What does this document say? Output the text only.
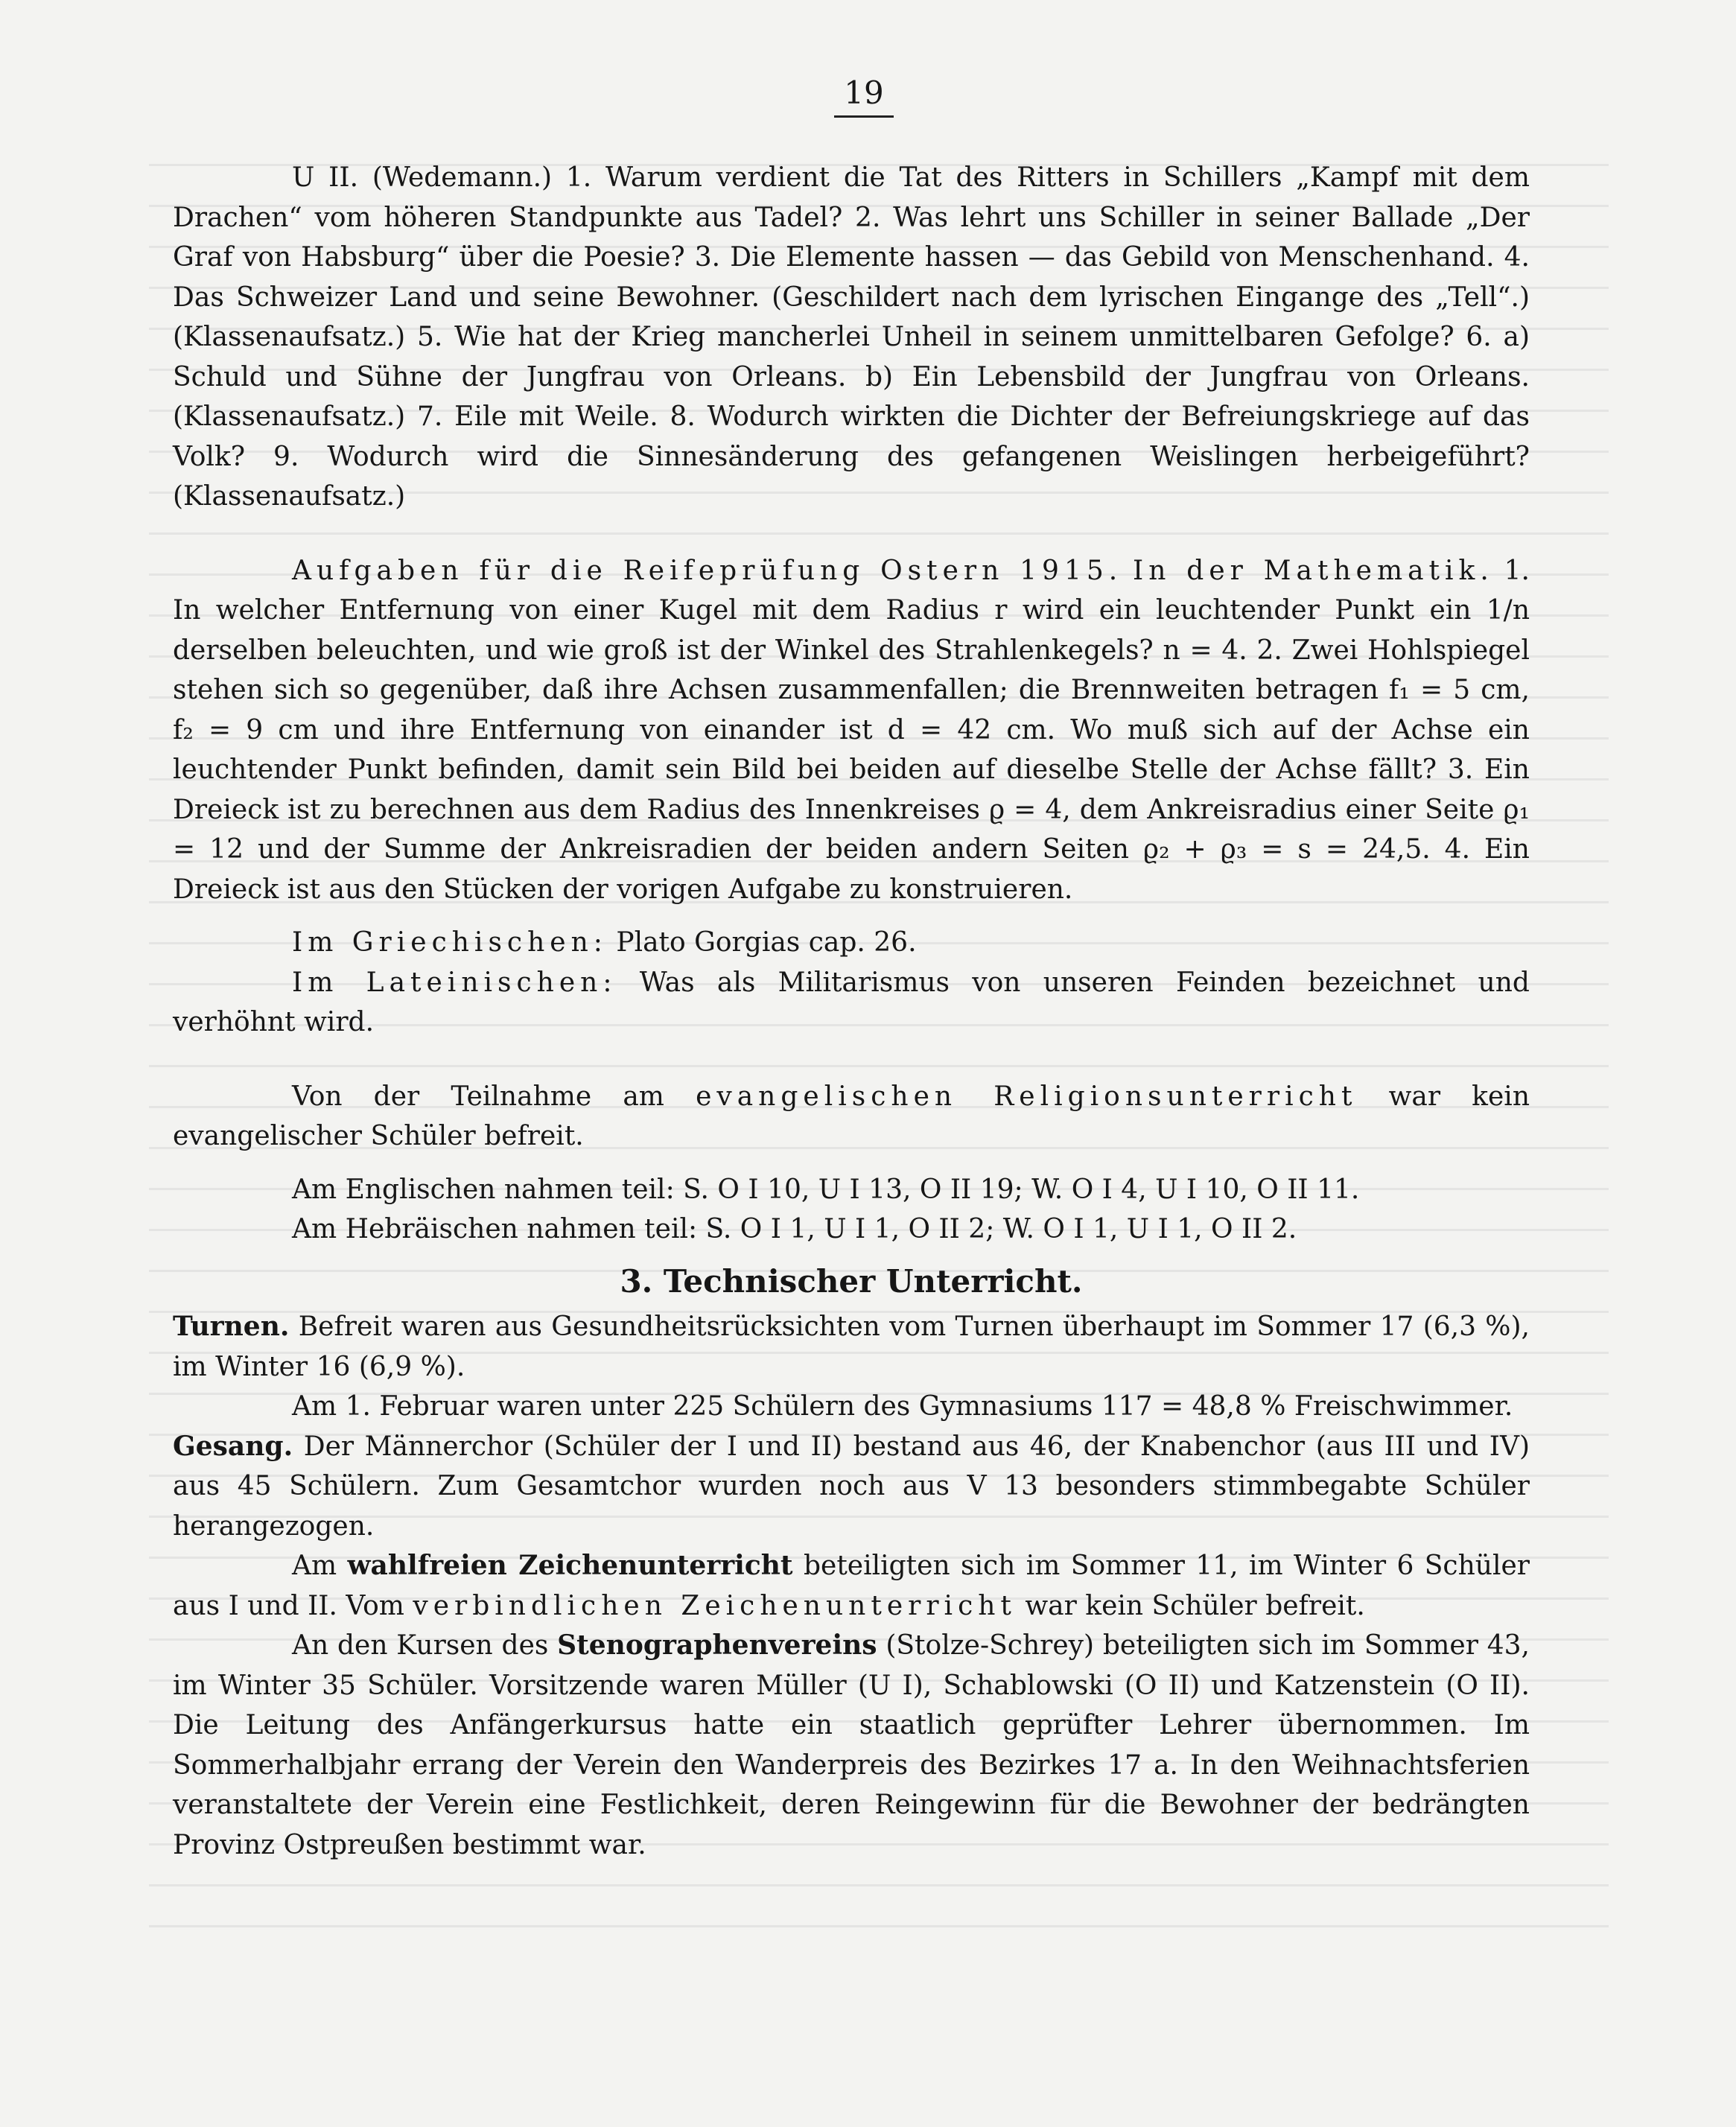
19

U II. (Wedemann.) 1. Warum verdient die Tat des Ritters in Schillers „Kampf mit dem Drachen“ vom höheren Standpunkte aus Tadel? 2. Was lehrt uns Schiller in seiner Ballade „Der Graf von Habsburg“ über die Poesie? 3. Die Elemente hassen — das Gebild von Menschenhand. 4. Das Schweizer Land und seine Bewohner. (Geschildert nach dem lyrischen Eingange des „Tell“.) (Klassenaufsatz.) 5. Wie hat der Krieg mancherlei Unheil in seinem unmittelbaren Gefolge? 6. a) Schuld und Sühne der Jungfrau von Orleans. b) Ein Lebensbild der Jungfrau von Orleans. (Klassenaufsatz.) 7. Eile mit Weile. 8. Wodurch wirkten die Dichter der Befreiungskriege auf das Volk? 9. Wodurch wird die Sinnesänderung des gefangenen Weislingen herbeigeführt? (Klassenaufsatz.)

Aufgaben für die Reifeprüfung Ostern 1915. In der Mathematik. 1. In welcher Entfernung von einer Kugel mit dem Radius r wird ein leuchtender Punkt ein 1/n derselben beleuchten, und wie groß ist der Winkel des Strahlenkegels? n = 4. 2. Zwei Hohlspiegel stehen sich so gegenüber, daß ihre Achsen zusammenfallen; die Brennweiten betragen f₁ = 5 cm, f₂ = 9 cm und ihre Entfernung von einander ist d = 42 cm. Wo muß sich auf der Achse ein leuchtender Punkt befinden, damit sein Bild bei beiden auf dieselbe Stelle der Achse fällt? 3. Ein Dreieck ist zu berechnen aus dem Radius des Innenkreises ϱ = 4, dem Ankreisradius einer Seite ϱ₁ = 12 und der Summe der Ankreisradien der beiden andern Seiten ϱ₂ + ϱ₃ = s = 24,5. 4. Ein Dreieck ist aus den Stücken der vorigen Aufgabe zu konstruieren.

Im Griechischen: Plato Gorgias cap. 26.

Im Lateinischen: Was als Militarismus von unseren Feinden bezeichnet und verhöhnt wird.

Von der Teilnahme am evangelischen Religionsunterricht war kein evangelischer Schüler befreit.

Am Englischen nahmen teil: S. O I 10, U I 13, O II 19; W. O I 4, U I 10, O II 11.

Am Hebräischen nahmen teil: S. O I 1, U I 1, O II 2; W. O I 1, U I 1, O II 2.

3. Technischer Unterricht.

Turnen. Befreit waren aus Gesundheitsrücksichten vom Turnen überhaupt im Sommer 17 (6,3 %), im Winter 16 (6,9 %).

Am 1. Februar waren unter 225 Schülern des Gymnasiums 117 = 48,8 % Freischwimmer.

Gesang. Der Männerchor (Schüler der I und II) bestand aus 46, der Knabenchor (aus III und IV) aus 45 Schülern. Zum Gesamtchor wurden noch aus V 13 besonders stimmbegabte Schüler herangezogen.

Am wahlfreien Zeichenunterricht beteiligten sich im Sommer 11, im Winter 6 Schüler aus I und II. Vom verbindlichen Zeichenunterricht war kein Schüler befreit.

An den Kursen des Stenographenvereins (Stolze-Schrey) beteiligten sich im Sommer 43, im Winter 35 Schüler. Vorsitzende waren Müller (U I), Schablowski (O II) und Katzenstein (O II). Die Leitung des Anfängerkursus hatte ein staatlich geprüfter Lehrer übernommen. Im Sommerhalbjahr errang der Verein den Wanderpreis des Bezirkes 17 a. In den Weihnachtsferien veranstaltete der Verein eine Festlichkeit, deren Reingewinn für die Bewohner der bedrängten Provinz Ostpreußen bestimmt war.
